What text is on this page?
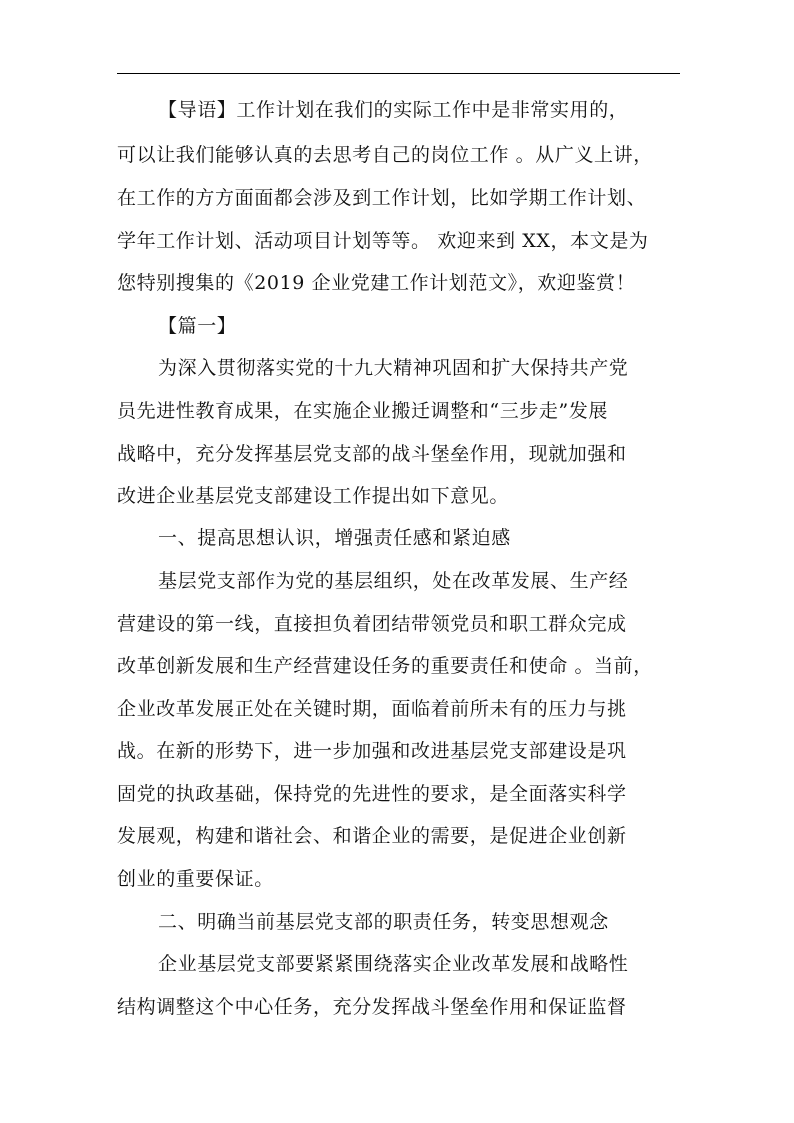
【导语】工作计划在我们的实际工作中是非常实用的，
可以让我们能够认真的去思考自己的岗位工作 。从广义上讲，
在工作的方方面面都会涉及到工作计划，比如学期工作计划、
学年工作计划、活动项目计划等等。 欢迎来到 XX，本文是为
您特别搜集的《2019 企业党建工作计划范文》，欢迎鉴赏！
【篇一】
为深入贯彻落实党的十九大精神巩固和扩大保持共产党
员先进性教育成果，在实施企业搬迁调整和“三步走”发展
战略中，充分发挥基层党支部的战斗堡垒作用，现就加强和
改进企业基层党支部建设工作提出如下意见。
一、提高思想认识，增强责任感和紧迫感
基层党支部作为党的基层组织，处在改革发展、生产经
营建设的第一线，直接担负着团结带领党员和职工群众完成
改革创新发展和生产经营建设任务的重要责任和使命 。当前，
企业改革发展正处在关键时期，面临着前所未有的压力与挑
战。在新的形势下，进一步加强和改进基层党支部建设是巩
固党的执政基础，保持党的先进性的要求，是全面落实科学
发展观，构建和谐社会、和谐企业的需要，是促进企业创新
创业的重要保证。
二、明确当前基层党支部的职责任务，转变思想观念
企业基层党支部要紧紧围绕落实企业改革发展和战略性
结构调整这个中心任务，充分发挥战斗堡垒作用和保证监督
